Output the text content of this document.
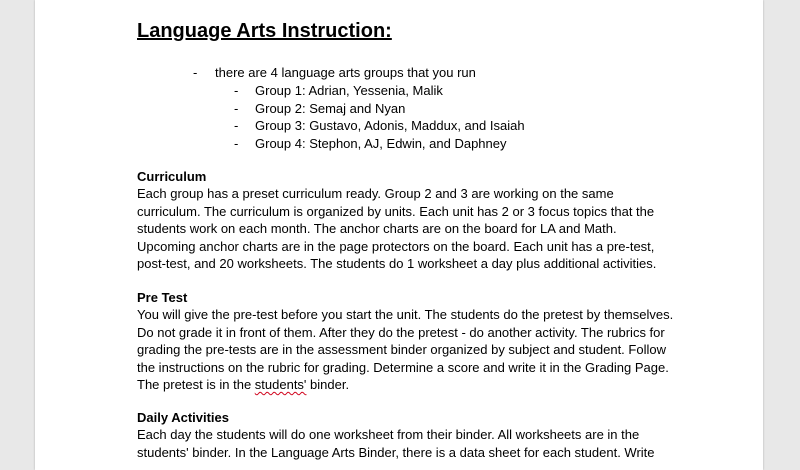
Language Arts Instruction:
- there are 4 language arts groups that you run
- Group 1: Adrian, Yessenia, Malik
- Group 2: Semaj and Nyan
- Group 3: Gustavo, Adonis, Maddux, and Isaiah
- Group 4: Stephon, AJ, Edwin, and Daphney
Curriculum

Each group has a preset curriculum ready. Group 2 and 3 are working on the same
curriculum. The curriculum is organized by units. Each unit has 2 or 3 focus topics that the
students work on each month. The anchor charts are on the board for LA and Math.
Upcoming anchor charts are in the page protectors on the board. Each unit has a pre-test,
post-test, and 20 worksheets. The students do 1 worksheet a day plus additional activities.

Pre Test

You will give the pre-test before you start the unit. The students do the pretest by themselves.
Do not grade it in front of them. After they do the pretest - do another activity. The rubrics for
grading the pre-tests are in the assessment binder organized by subject and student. Follow
the instructions on the rubric for grading. Determine a score and write it in the Grading Page.
The pretest is in the students' binder.

Daily Activities

Each day the students will do one worksheet from their binder. All worksheets are in the
students' binder. In the Language Arts Binder, there is a data sheet for each student. Write
